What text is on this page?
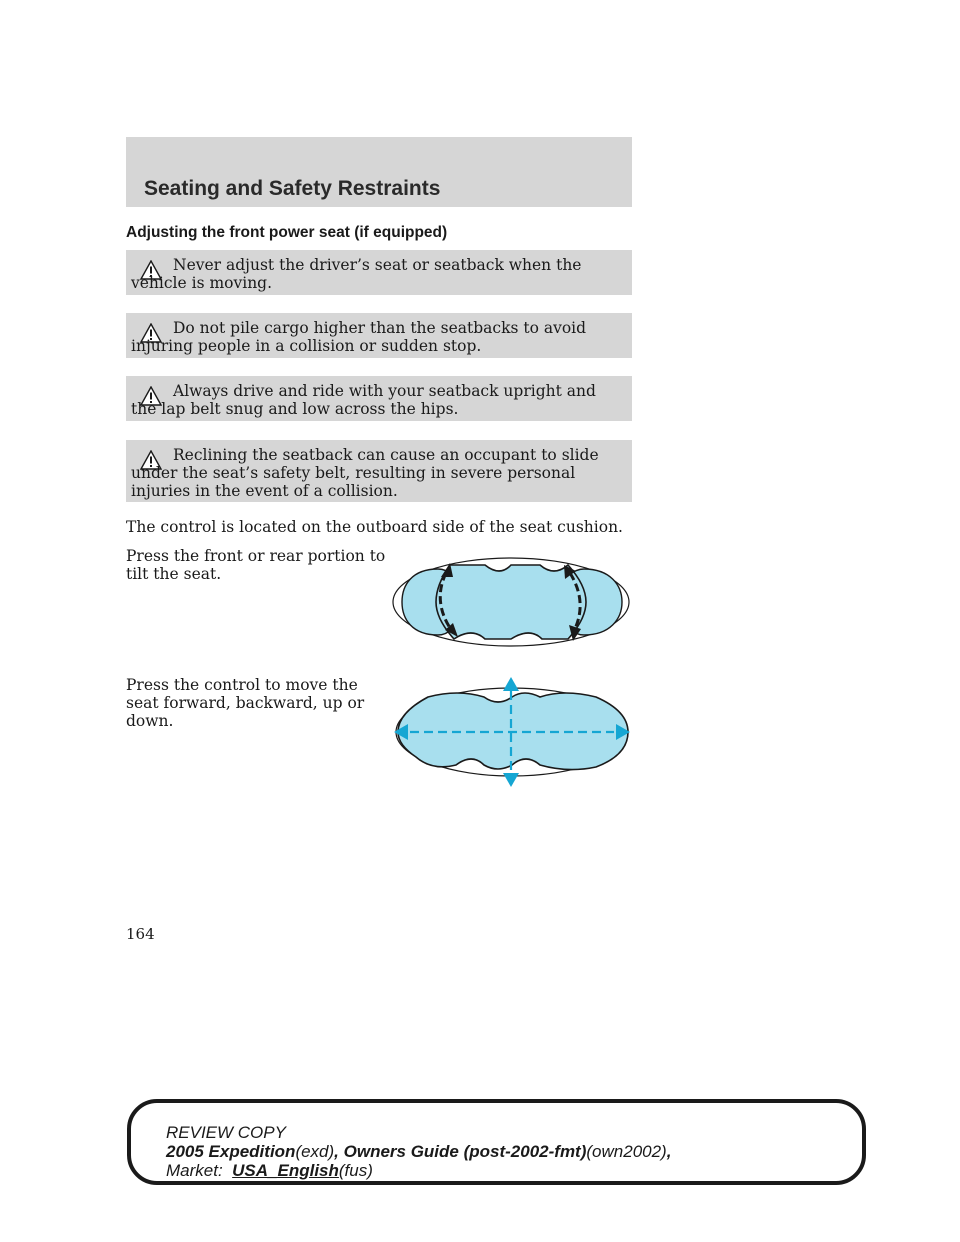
Seating and Safety Restraints
Adjusting the front power seat (if equipped)
Never adjust the driver’s seat or seatback when the vehicle is moving.
Do not pile cargo higher than the seatbacks to avoid injuring people in a collision or sudden stop.
Always drive and ride with your seatback upright and the lap belt snug and low across the hips.
Reclining the seatback can cause an occupant to slide under the seat’s safety belt, resulting in severe personal injuries in the event of a collision.
The control is located on the outboard side of the seat cushion.
Press the front or rear portion to tilt the seat.
Press the control to move the seat forward, backward, up or down.
164
REVIEW COPY
2005 Expedition(exd), Owners Guide (post-2002-fmt)(own2002),
Market: USA_English(fus)
